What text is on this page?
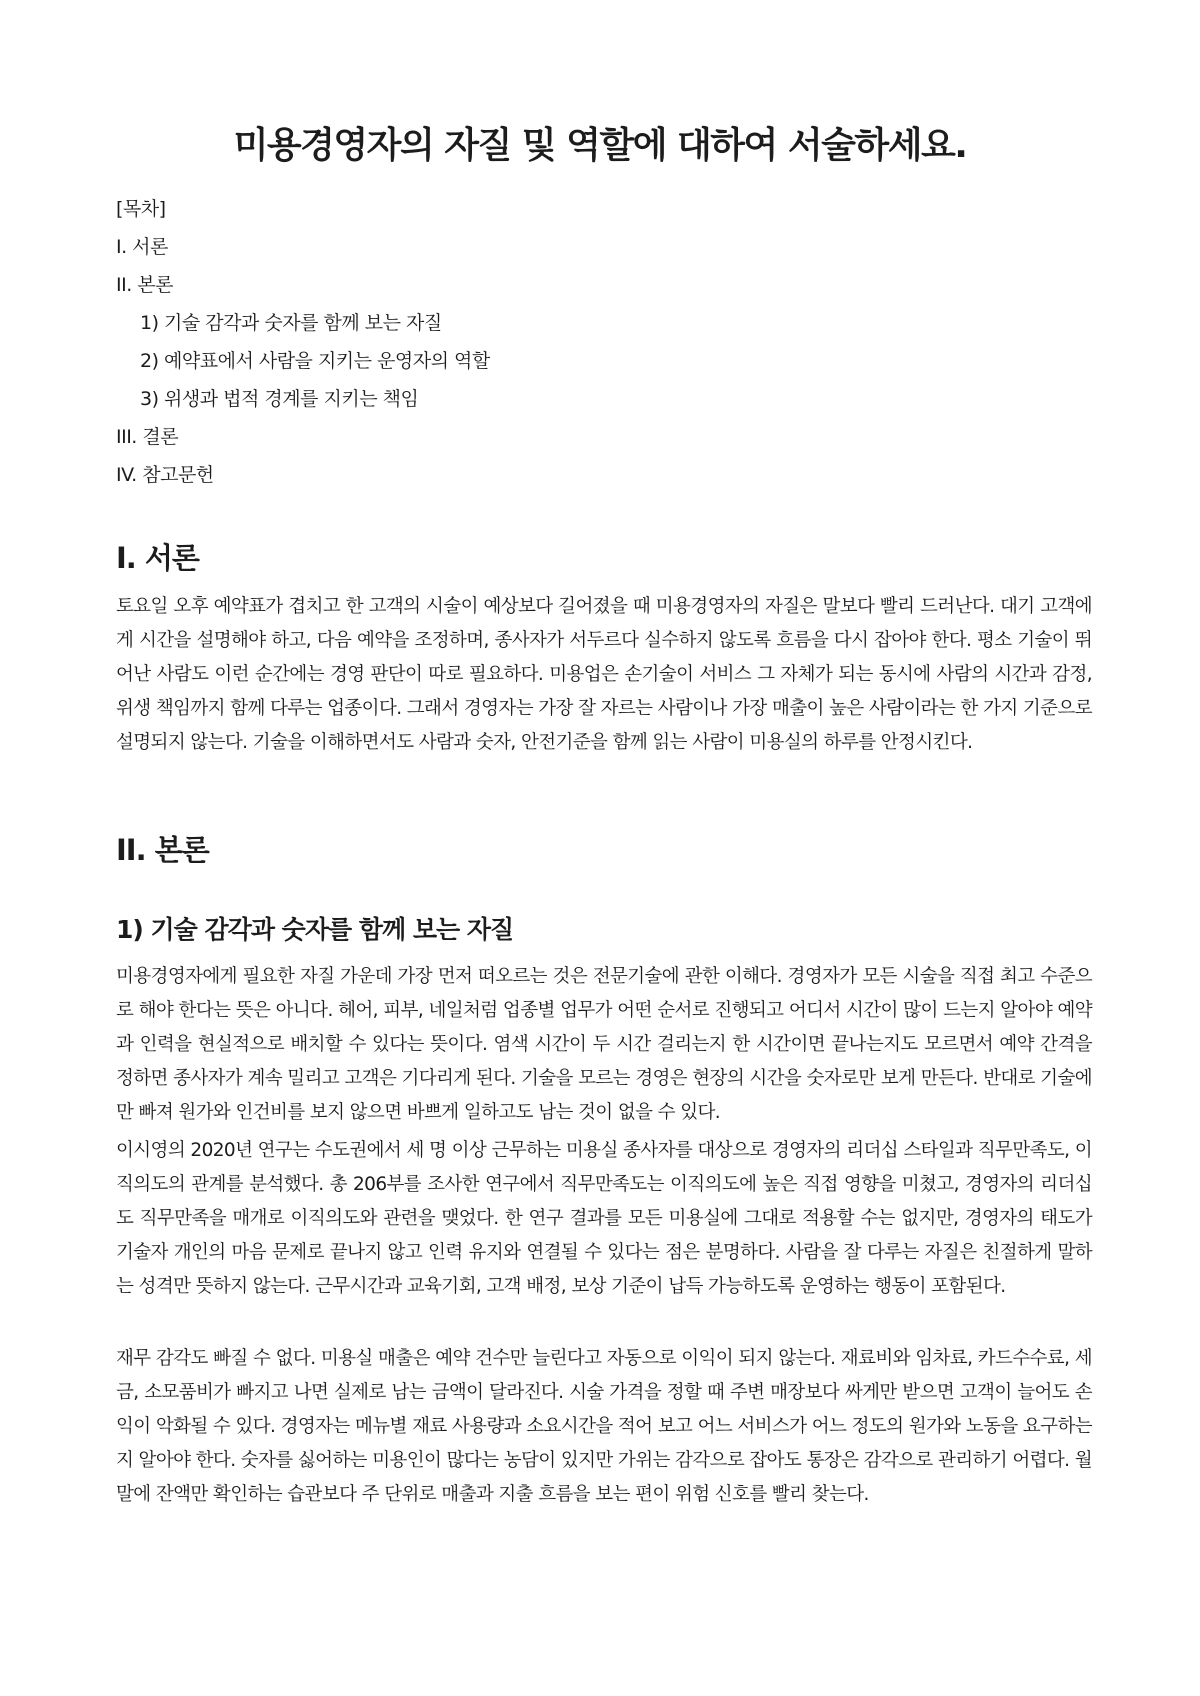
미용경영자의 자질 및 역할에 대하여 서술하세요.
[목차]
I. 서론
II. 본론
1) 기술 감각과 숫자를 함께 보는 자질
2) 예약표에서 사람을 지키는 운영자의 역할
3) 위생과 법적 경계를 지키는 책임
III. 결론
IV. 참고문헌
I. 서론

토요일 오후 예약표가 겹치고 한 고객의 시술이 예상보다 길어졌을 때 미용경영자의 자질은 말보다 빨리 드러난다. 대기 고객에게 시간을 설명해야 하고, 다음 예약을 조정하며, 종사자가 서두르다 실수하지 않도록 흐름을 다시 잡아야 한다. 평소 기술이 뛰어난 사람도 이런 순간에는 경영 판단이 따로 필요하다. 미용업은 손기술이 서비스 그 자체가 되는 동시에 사람의 시간과 감정, 위생 책임까지 함께 다루는 업종이다. 그래서 경영자는 가장 잘 자르는 사람이나 가장 매출이 높은 사람이라는 한 가지 기준으로 설명되지 않는다. 기술을 이해하면서도 사람과 숫자, 안전기준을 함께 읽는 사람이 미용실의 하루를 안정시킨다.

II. 본론
1) 기술 감각과 숫자를 함께 보는 자질

미용경영자에게 필요한 자질 가운데 가장 먼저 떠오르는 것은 전문기술에 관한 이해다. 경영자가 모든 시술을 직접 최고 수준으로 해야 한다는 뜻은 아니다. 헤어, 피부, 네일처럼 업종별 업무가 어떤 순서로 진행되고 어디서 시간이 많이 드는지 알아야 예약과 인력을 현실적으로 배치할 수 있다는 뜻이다. 염색 시간이 두 시간 걸리는지 한 시간이면 끝나는지도 모르면서 예약 간격을 정하면 종사자가 계속 밀리고 고객은 기다리게 된다. 기술을 모르는 경영은 현장의 시간을 숫자로만 보게 만든다. 반대로 기술에만 빠져 원가와 인건비를 보지 않으면 바쁘게 일하고도 남는 것이 없을 수 있다.

이시영의 2020년 연구는 수도권에서 세 명 이상 근무하는 미용실 종사자를 대상으로 경영자의 리더십 스타일과 직무만족도, 이직의도의 관계를 분석했다. 총 206부를 조사한 연구에서 직무만족도는 이직의도에 높은 직접 영향을 미쳤고, 경영자의 리더십도 직무만족을 매개로 이직의도와 관련을 맺었다. 한 연구 결과를 모든 미용실에 그대로 적용할 수는 없지만, 경영자의 태도가 기술자 개인의 마음 문제로 끝나지 않고 인력 유지와 연결될 수 있다는 점은 분명하다. 사람을 잘 다루는 자질은 친절하게 말하는 성격만 뜻하지 않는다. 근무시간과 교육기회, 고객 배정, 보상 기준이 납득 가능하도록 운영하는 행동이 포함된다.

재무 감각도 빠질 수 없다. 미용실 매출은 예약 건수만 늘린다고 자동으로 이익이 되지 않는다. 재료비와 임차료, 카드수수료, 세금, 소모품비가 빠지고 나면 실제로 남는 금액이 달라진다. 시술 가격을 정할 때 주변 매장보다 싸게만 받으면 고객이 늘어도 손익이 악화될 수 있다. 경영자는 메뉴별 재료 사용량과 소요시간을 적어 보고 어느 서비스가 어느 정도의 원가와 노동을 요구하는지 알아야 한다. 숫자를 싫어하는 미용인이 많다는 농담이 있지만 가위는 감각으로 잡아도 통장은 감각으로 관리하기 어렵다. 월말에 잔액만 확인하는 습관보다 주 단위로 매출과 지출 흐름을 보는 편이 위험 신호를 빨리 찾는다.
